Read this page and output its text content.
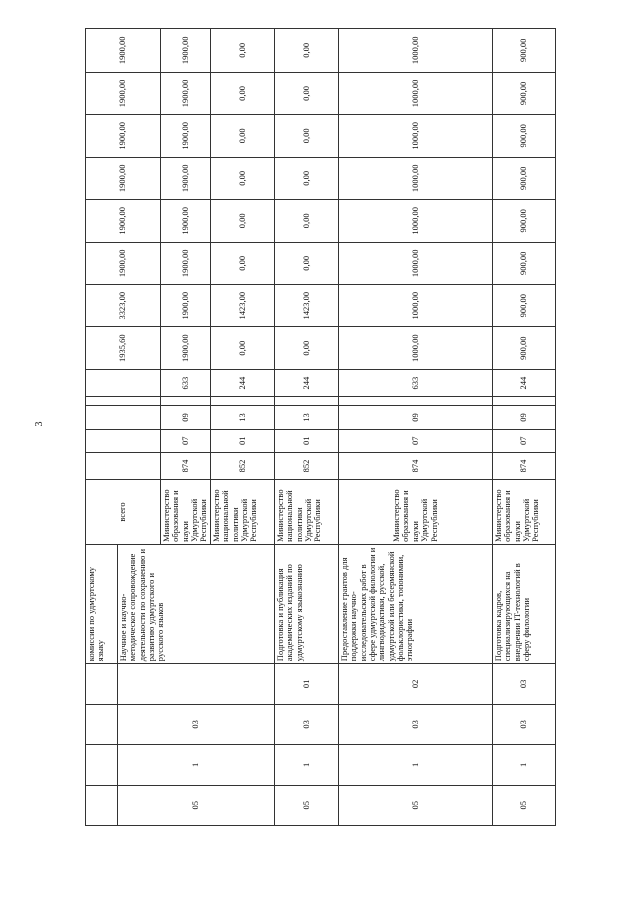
3
				комиссии по удмуртскому языку	всего						1935,60	3323,00	1900,00	1900,00	1900,00	1900,00	1900,00	1900,00
05	1	03		Научное и научно-методическое сопровождение деятельности по сохранению и развитию удмуртского и русского языков														
					Министерство образования и науки Удмуртской Республики	874	07	09		633	1900,00	1900,00	1900,00	1900,00	1900,00	1900,00	1900,00	1900,00
					Министерство национальной политики Удмуртской Республики	852	01	13		244	0,00	1423,00	0,00	0,00	0,00	0,00	0,00	0,00
05	1	03	01	Подготовка и публикация академических изданий по удмуртскому языкознанию	Министерство национальной политики Удмуртской Республики	852	01	13		244	0,00	1423,00	0,00	0,00	0,00	0,00	0,00	0,00
05	1	03	02	Предоставление грантов для поддержки научно-исследовательских работ в сфере удмуртской филологии и лингводидактики, русской, удмуртской или бесермянской фольклористики, топонимии, этнографии	Министерство образования и науки Удмуртской Республики	874	07	09		633	1000,00	1000,00	1000,00	1000,00	1000,00	1000,00	1000,00	1000,00
05	1	03	03	Подготовка кадров, специализирующихся на внедрении IT-технологий в сферу филологии	Министерство образования и науки Удмуртской Республики	874	07	09		244	900,00	900,00	900,00	900,00	900,00	900,00	900,00	900,00
